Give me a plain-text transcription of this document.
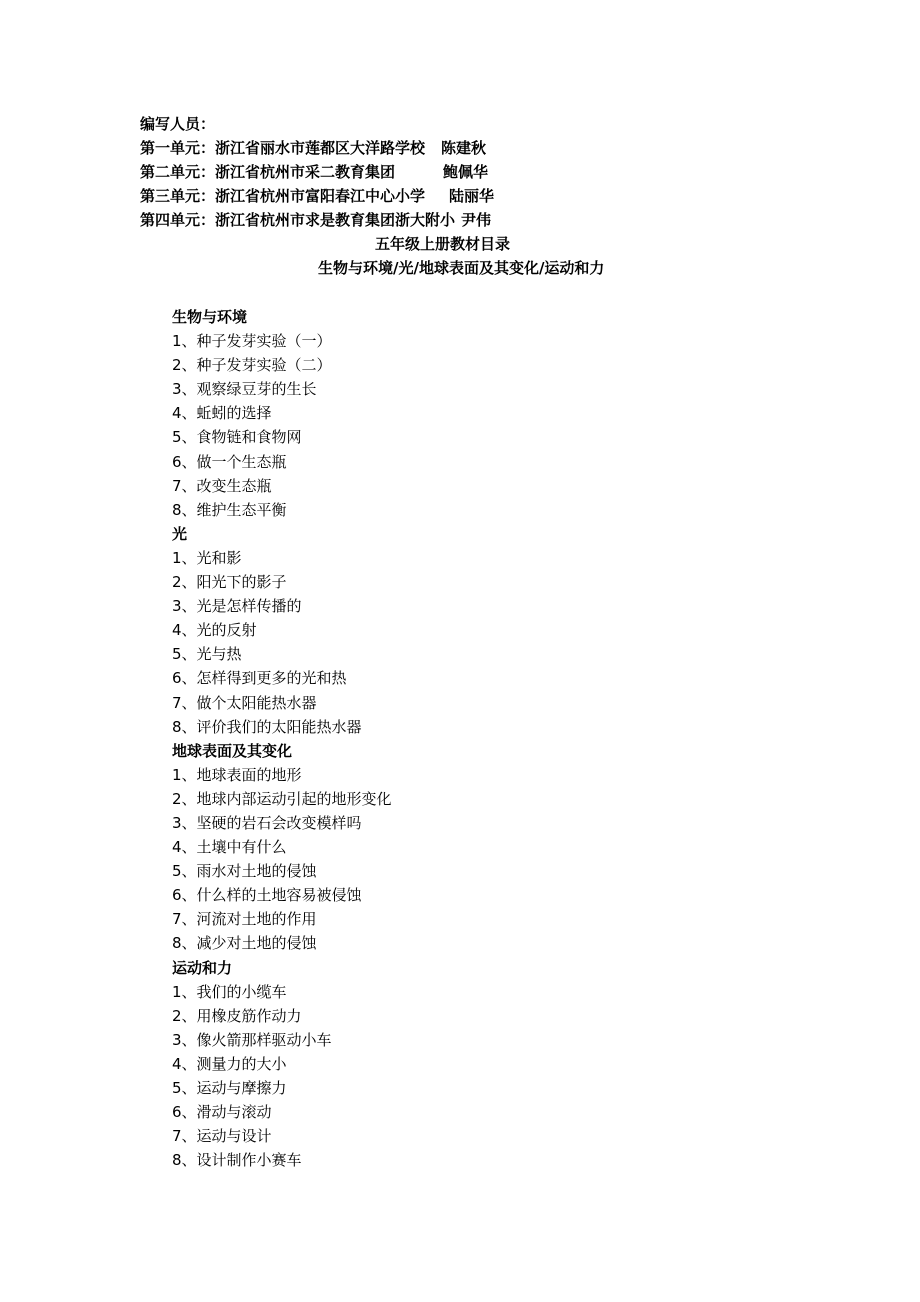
编写人员：
第一单元：浙江省丽水市莲都区大洋路学校 陈建秋
第二单元：浙江省杭州市采二教育集团	鲍佩华
第三单元：浙江省杭州市富阳春江中心小学 陆丽华
第四单元：浙江省杭州市求是教育集团浙大附小 尹伟
五年级上册教材目录
生物与环境/光/地球表面及其变化/运动和力
生物与环境
1、种子发芽实验（一）
2、种子发芽实验（二）
3、观察绿豆芽的生长
4、蚯蚓的选择
5、食物链和食物网
6、做一个生态瓶
7、改变生态瓶
8、维护生态平衡
光
1、光和影
2、阳光下的影子
3、光是怎样传播的
4、光的反射
5、光与热
6、怎样得到更多的光和热
7、做个太阳能热水器
8、评价我们的太阳能热水器
地球表面及其变化
1、地球表面的地形
2、地球内部运动引起的地形变化
3、坚硬的岩石会改变模样吗
4、土壤中有什么
5、雨水对土地的侵蚀
6、什么样的土地容易被侵蚀
7、河流对土地的作用
8、减少对土地的侵蚀
运动和力
1、我们的小缆车
2、用橡皮筋作动力
3、像火箭那样驱动小车
4、测量力的大小
5、运动与摩擦力
6、滑动与滚动
7、运动与设计
8、设计制作小赛车
